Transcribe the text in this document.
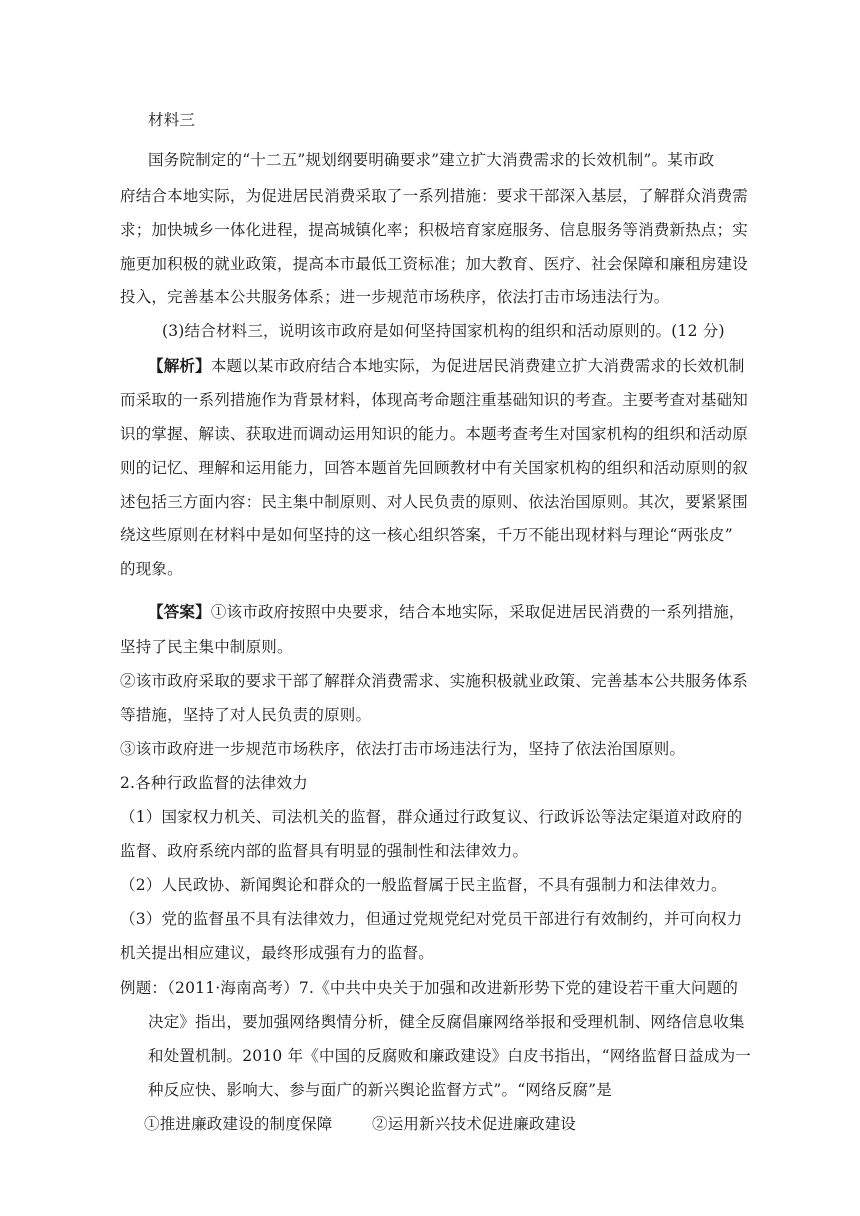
材料三
国务院制定的“十二五”规划纲要明确要求”建立扩大消费需求的长效机制”。某市政
府结合本地实际，为促进居民消费采取了一系列措施：要求干部深入基层，了解群众消费需
求；加快城乡一体化进程，提高城镇化率；积极培育家庭服务、信息服务等消费新热点；实
施更加积极的就业政策，提高本市最低工资标准；加大教育、医疗、社会保障和廉租房建设
投入，完善基本公共服务体系；进一步规范市场秩序，依法打击市场违法行为。
(3)结合材料三，说明该市政府是如何坚持国家机构的组织和活动原则的。(12 分)
【解析】本题以某市政府结合本地实际，为促进居民消费建立扩大消费需求的长效机制
而采取的一系列措施作为背景材料，体现高考命题注重基础知识的考查。主要考查对基础知
识的掌握、解读、获取进而调动运用知识的能力。本题考查考生对国家机构的组织和活动原
则的记忆、理解和运用能力，回答本题首先回顾教材中有关国家机构的组织和活动原则的叙
述包括三方面内容：民主集中制原则、对人民负责的原则、依法治国原则。其次，要紧紧围
绕这些原则在材料中是如何坚持的这一核心组织答案，千万不能出现材料与理论“两张皮”
的现象。
【答案】①该市政府按照中央要求，结合本地实际，采取促进居民消费的一系列措施，
坚持了民主集中制原则。
②该市政府采取的要求干部了解群众消费需求、实施积极就业政策、完善基本公共服务体系
等措施，坚持了对人民负责的原则。
③该市政府进一步规范市场秩序，依法打击市场违法行为，坚持了依法治国原则。
2.各种行政监督的法律效力
（1）国家权力机关、司法机关的监督，群众通过行政复议、行政诉讼等法定渠道对政府的
监督、政府系统内部的监督具有明显的强制性和法律效力。
（2）人民政协、新闻舆论和群众的一般监督属于民主监督，不具有强制力和法律效力。
（3）党的监督虽不具有法律效力，但通过党规党纪对党员干部进行有效制约，并可向权力
机关提出相应建议，最终形成强有力的监督。
例题：（2011·海南高考）7.《中共中央关于加强和改进新形势下党的建设若干重大问题的
决定》指出，要加强网络舆情分析，健全反腐倡廉网络举报和受理机制、网络信息收集
和处置机制。2010 年《中国的反腐败和廉政建设》白皮书指出，“网络监督日益成为一
种反应快、影响大、参与面广的新兴舆论监督方式”。“网络反腐”是
①推进廉政建设的制度保障	②运用新兴技术促进廉政建设
